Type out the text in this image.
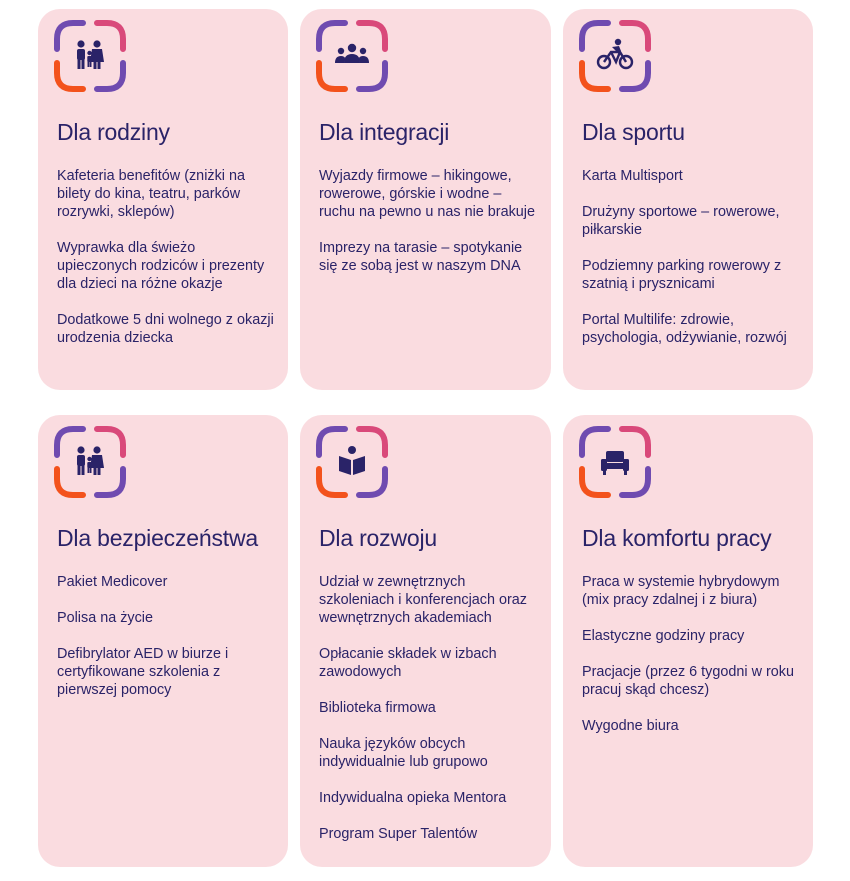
Dla rodziny
Kafeteria benefitów (zniżki na bilety do kina, teatru, parków rozrywki, sklepów)
Wyprawka dla świeżo upieczonych rodziców i prezenty dla dzieci na różne okazje
Dodatkowe 5 dni wolnego z okazji urodzenia dziecka
Dla integracji
Wyjazdy firmowe – hikingowe, rowerowe, górskie i wodne – ruchu na pewno u nas nie brakuje
Imprezy na tarasie – spotykanie się ze sobą jest w naszym DNA
Dla sportu
Karta Multisport
Drużyny sportowe – rowerowe, piłkarskie
Podziemny parking rowerowy z szatnią i prysznicami
Portal Multilife: zdrowie, psychologia, odżywianie, rozwój
Dla bezpieczeństwa
Pakiet Medicover
Polisa na życie
Defibrylator AED w biurze i certyfikowane szkolenia z pierwszej pomocy
Dla rozwoju
Udział w zewnętrznych szkoleniach i konferencjach oraz wewnętrznych akademiach
Opłacanie składek w izbach zawodowych
Biblioteka firmowa
Nauka języków obcych indywidualnie lub grupowo
Indywidualna opieka Mentora
Program Super Talentów
Dla komfortu pracy
Praca w systemie hybrydowym (mix pracy zdalnej i z biura)
Elastyczne godziny pracy
Pracjacje (przez 6 tygodni w roku pracuj skąd chcesz)
Wygodne biura
